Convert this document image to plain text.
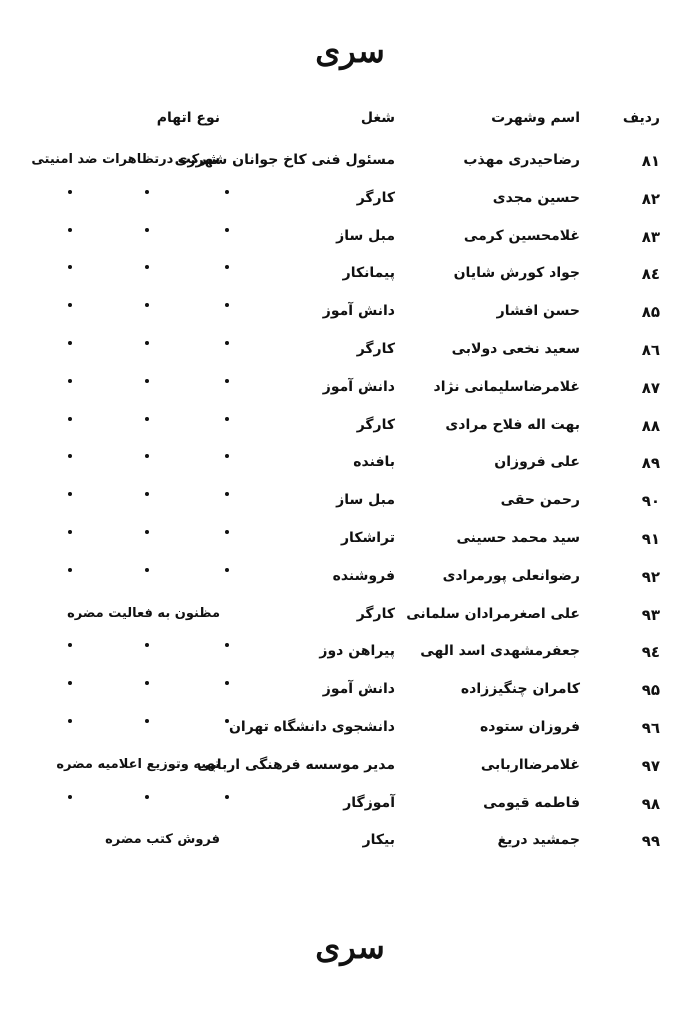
سری
ردیف
اسم وشهرت
شغل
نوع اتهام
۸۱
رضاحیدری مهذب
مسئول فنی کاخ جوانان شهرری
شرکت درتظاهرات ضد امنیتی
۸۲
حسین مجدی
کارگر
۸۳
غلامحسین کرمی
مبل ساز
۸٤
جواد کورش شایان
پیمانکار
۸۵
حسن افشار
دانش آموز
۸٦
سعید نخعی دولابی
کارگر
۸۷
غلامرضاسلیمانی نژاد
دانش آموز
۸۸
بهت اله فلاح مرادی
کارگر
۸۹
علی فروزان
بافنده
۹۰
رحمن حقی
مبل ساز
۹۱
سید محمد حسینی
تراشکار
۹۲
رضوانعلی پورمرادی
فروشنده
۹۳
علی اصغرمرادان سلمانی
کارگر
مظنون به فعالیت مضره
۹٤
جعفرمشهدی اسد الهی
پیراهن دوز
۹۵
کامران چنگیززاده
دانش آموز
۹٦
فروزان ستوده
دانشجوی دانشگاه تهران
۹۷
غلامرضااربابی
مدیر موسسه فرهنگی اربابی
تهیه وتوزیع اعلامیه مضره
۹۸
فاطمه قیومی
آموزگار
۹۹
جمشید دریغ
بیکار
فروش کتب مضره
سری
